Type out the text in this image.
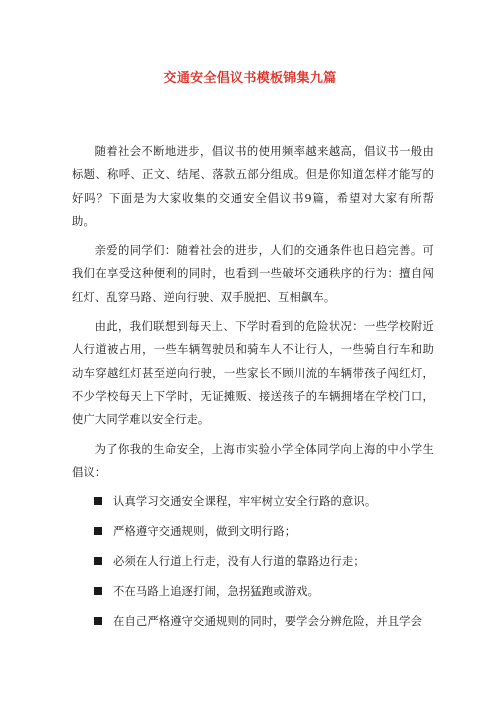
交通安全倡议书模板锦集九篇

随着社会不断地进步，倡议书的使用频率越来越高，倡议书一般由标题、称呼、正文、结尾、落款五部分组成。但是你知道怎样才能写的好吗？下面是为大家收集的交通安全倡议书9篇，希望对大家有所帮助。

亲爱的同学们：随着社会的进步，人们的交通条件也日趋完善。可我们在享受这种便利的同时，也看到一些破坏交通秩序的行为：擅自闯红灯、乱穿马路、逆向行驶、双手脱把、互相飙车。

由此，我们联想到每天上、下学时看到的危险状况：一些学校附近人行道被占用，一些车辆驾驶员和骑车人不让行人，一些骑自行车和助动车穿越红灯甚至逆向行驶，一些家长不顾川流的车辆带孩子闯红灯，不少学校每天上下学时，无证摊贩、接送孩子的车辆拥堵在学校门口，使广大同学难以安全行走。

为了你我的生命安全，上海市实验小学全体同学向上海的中小学生倡议：

认真学习交通安全课程，牢牢树立安全行路的意识。
严格遵守交通规则，做到文明行路；
必须在人行道上行走，没有人行道的靠路边行走；
不在马路上追逐打闹，急拐猛跑或游戏。
在自己严格遵守交通规则的同时，要学会分辨危险，并且学会
